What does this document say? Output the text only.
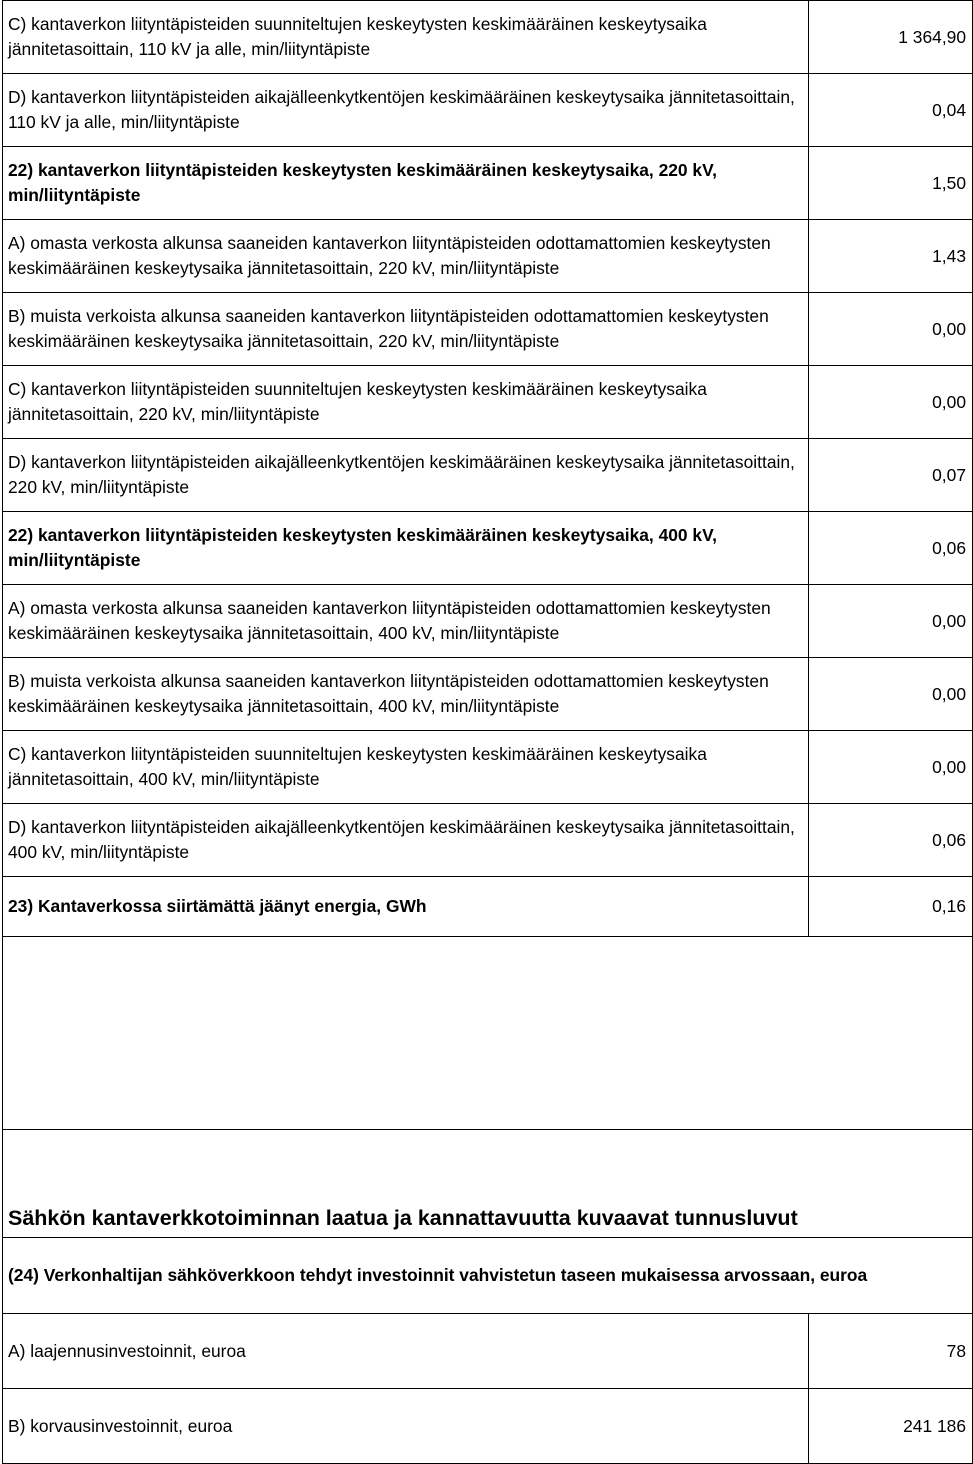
C) kantaverkon liityntäpisteiden suunniteltujen keskeytysten keskimääräinen keskeytysaika jännitetasoittain, 110 kV ja alle, min/liityntäpiste	1 364,90
D) kantaverkon liityntäpisteiden aikajälleenkytkentöjen keskimääräinen keskeytysaika jännitetasoittain, 110 kV ja alle, min/liityntäpiste	0,04
22) kantaverkon liityntäpisteiden keskeytysten keskimääräinen keskeytysaika, 220 kV, min/liityntäpiste	1,50
A) omasta verkosta alkunsa saaneiden kantaverkon liityntäpisteiden odottamattomien keskeytysten keskimääräinen keskeytysaika jännitetasoittain, 220 kV, min/liityntäpiste	1,43
B) muista verkoista alkunsa saaneiden kantaverkon liityntäpisteiden odottamattomien keskeytysten keskimääräinen keskeytysaika jännitetasoittain, 220 kV, min/liityntäpiste	0,00
C) kantaverkon liityntäpisteiden suunniteltujen keskeytysten keskimääräinen keskeytysaika jännitetasoittain, 220 kV, min/liityntäpiste	0,00
D) kantaverkon liityntäpisteiden aikajälleenkytkentöjen keskimääräinen keskeytysaika jännitetasoittain, 220 kV, min/liityntäpiste	0,07
22) kantaverkon liityntäpisteiden keskeytysten keskimääräinen keskeytysaika, 400 kV, min/liityntäpiste	0,06
A) omasta verkosta alkunsa saaneiden kantaverkon liityntäpisteiden odottamattomien keskeytysten keskimääräinen keskeytysaika jännitetasoittain, 400 kV, min/liityntäpiste	0,00
B) muista verkoista alkunsa saaneiden kantaverkon liityntäpisteiden odottamattomien keskeytysten keskimääräinen keskeytysaika jännitetasoittain, 400 kV, min/liityntäpiste	0,00
C) kantaverkon liityntäpisteiden suunniteltujen keskeytysten keskimääräinen keskeytysaika jännitetasoittain, 400 kV, min/liityntäpiste	0,00
D) kantaverkon liityntäpisteiden aikajälleenkytkentöjen keskimääräinen keskeytysaika jännitetasoittain, 400 kV, min/liityntäpiste	0,06
23) Kantaverkossa siirtämättä jäänyt energia, GWh	0,16

Sähkön kantaverkkotoiminnan laatua ja kannattavuutta kuvaavat tunnusluvut	

(24) Verkonhaltijan sähköverkkoon tehdyt investoinnit vahvistetun taseen mukaisessa arvossaan, euroa	

A) laajennusinvestoinnit, euroa	78
B) korvausinvestoinnit, euroa	241 186
